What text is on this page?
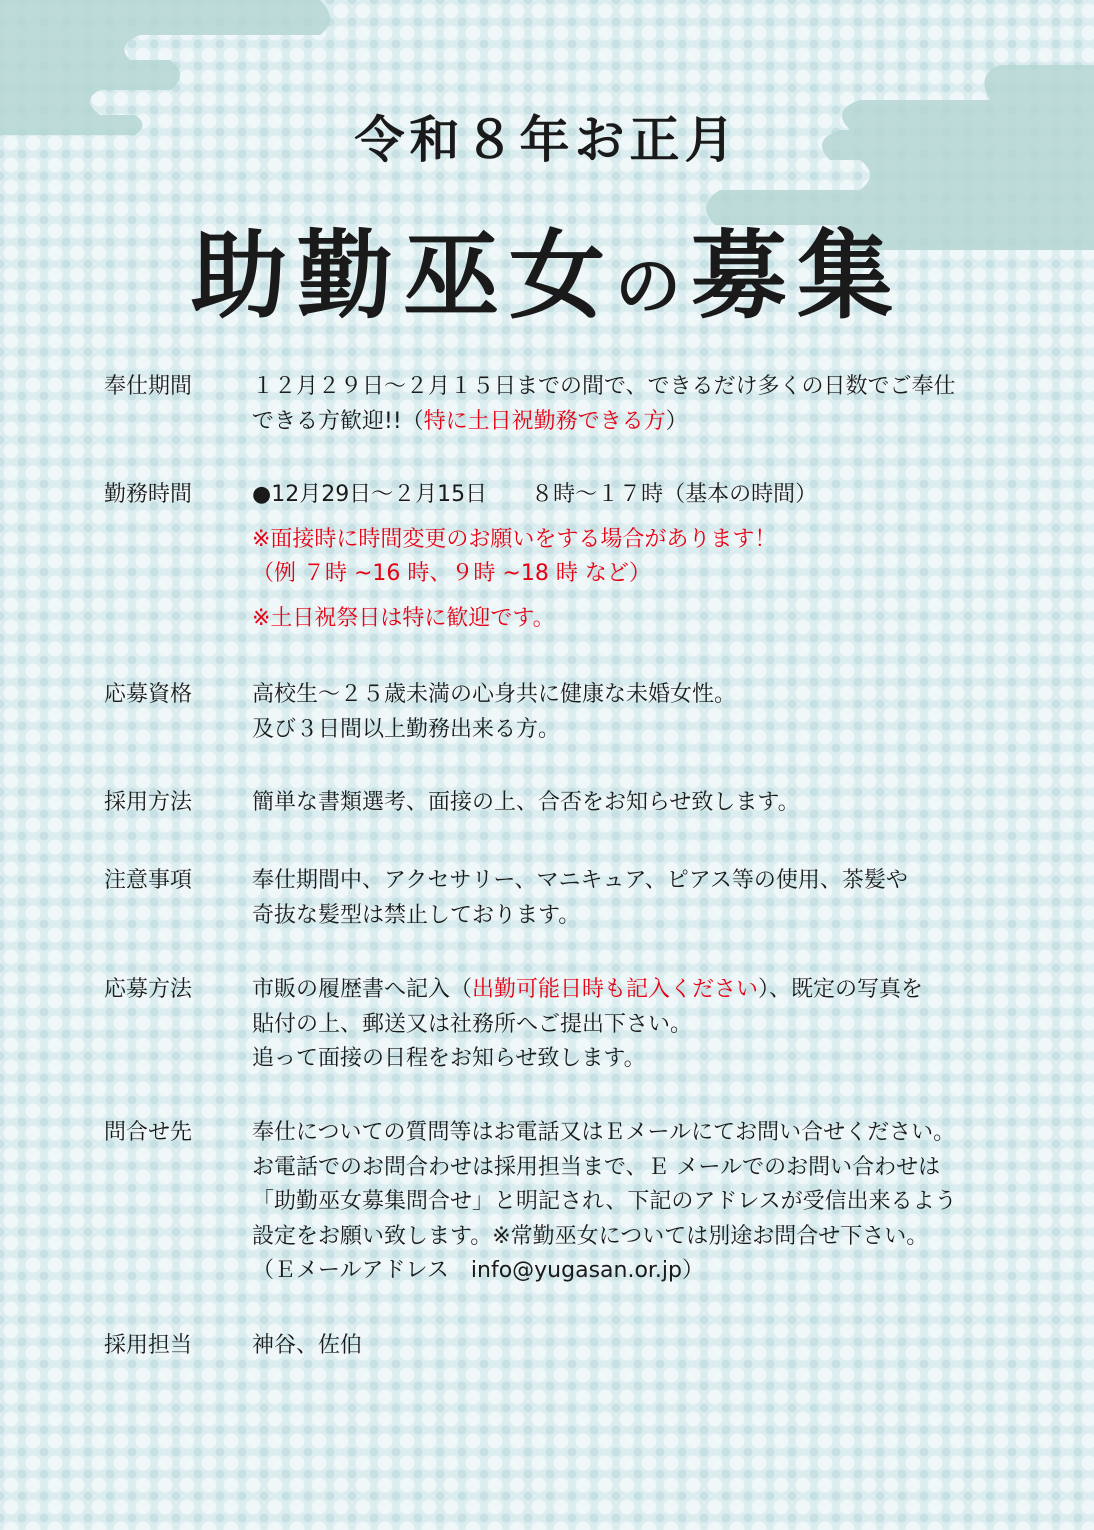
令和８年お正月
助勤巫女の募集
奉仕期間	１２月２９日～２月１５日までの間で、できるだけ多くの日数でご奉仕

できる方歓迎!!（特に土日祝勤務できる方）

勤務時間	●12月29日～２月15日　　８時～１７時（基本の時間）

※面接時に時間変更のお願いをする場合があります！

（例 ７時 ~16 時、９時 ~18 時 など）

※土日祝祭日は特に歓迎です。

応募資格	高校生～２５歳未満の心身共に健康な未婚女性。

及び３日間以上勤務出来る方。

採用方法	簡単な書類選考、面接の上、合否をお知らせ致します。

注意事項	奉仕期間中、アクセサリー、マニキュア、ピアス等の使用、茶髪や

奇抜な髪型は禁止しております。

応募方法	市販の履歴書へ記入（出勤可能日時も記入ください）、既定の写真を

貼付の上、郵送又は社務所へご提出下さい。

追って面接の日程をお知らせ致します。

問合せ先	奉仕についての質問等はお電話又はＥメールにてお問い合せください。

お電話でのお問合わせは採用担当まで、Ｅ メールでのお問い合わせは

「助勤巫女募集問合せ」と明記され、下記のアドレスが受信出来るよう

設定をお願い致します。※常勤巫女については別途お問合せ下さい。

（Ｅメールアドレス　info@yugasan.or.jp）

採用担当	神谷、佐伯
